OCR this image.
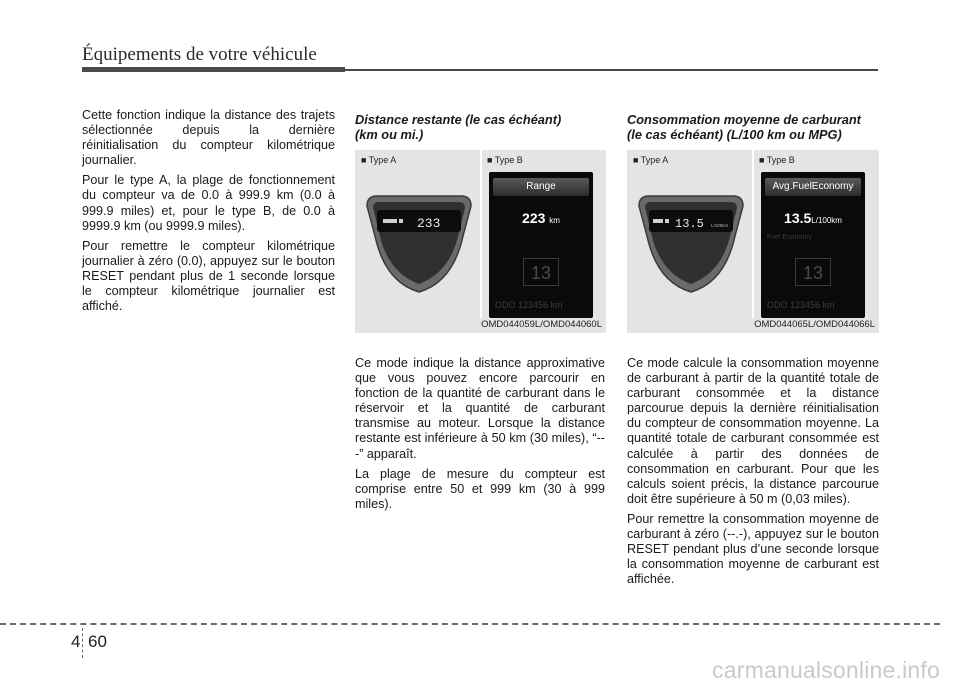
Équipements de votre véhicule

Cette fonction indique la distance des trajets sélectionnée depuis la dernière réinitialisation du compteur kilométrique journalier.

Pour le type A, la plage de fonctionnement du compteur va de 0.0 à 999.9 km (0.0 à 999.9 miles) et, pour le type B, de 0.0 à 9999.9 km (ou 9999.9 miles).

Pour remettre le compteur kilométrique journalier à zéro (0.0), appuyez sur le bouton RESET pendant plus de 1 seconde lorsque le compteur kilométrique journalier est affiché.

Distance restante (le cas échéant)
(km ou mi.)
■ Type A	■ Type B
233
Range
223 km
13
ODO 123456 km
OMD044059L/OMD044060L

Ce mode indique la distance approximative que vous pouvez encore parcourir en fonction de la quantité de carburant dans le réservoir et la quantité de carburant transmise au moteur. Lorsque la distance restante est inférieure à 50 km (30 miles), “---” apparaît.

La plage de mesure du compteur est comprise entre 50 et 999 km (30 à 999 miles).

Consommation moyenne de carburant
(le cas échéant) (L/100 km ou MPG)
■ Type A	■ Type B
13.5 L/100km
Avg.FuelEconomy
13.5L/100km
Fuel Economy
13
ODO 123456 km
OMD044065L/OMD044066L

Ce mode calcule la consommation moyenne de carburant à partir de la quantité totale de carburant consommée et la distance parcourue depuis la dernière réinitialisation du compteur de consommation moyenne. La quantité totale de carburant consommée est calculée à partir des données de consommation en carburant. Pour que les calculs soient précis, la distance parcourue doit être supérieure à 50 m (0,03 miles).

Pour remettre la consommation moyenne de carburant à zéro (--.-), appuyez sur le bouton RESET pendant plus d’une seconde lorsque la consommation moyenne de carburant est affichée.

4 60
carmanualsonline.info
